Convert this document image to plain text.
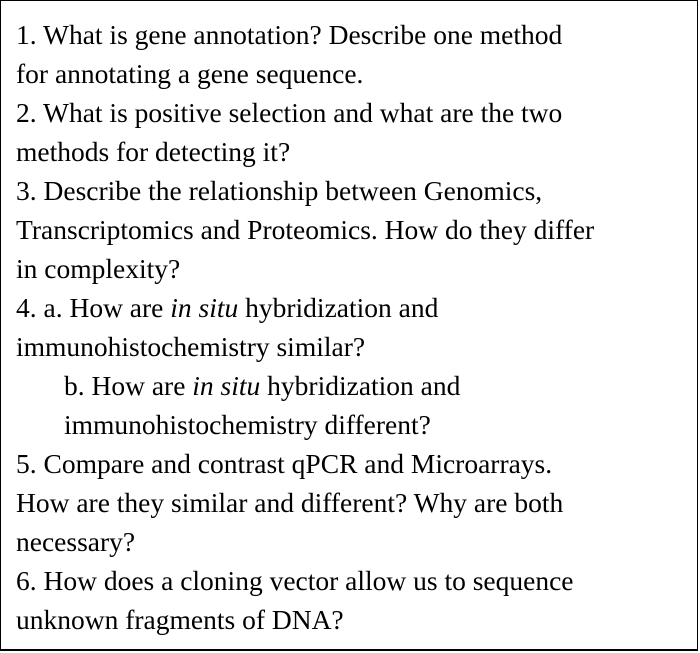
1. What is gene annotation? Describe one method
for annotating a gene sequence.
2. What is positive selection and what are the two
methods for detecting it?
3. Describe the relationship between Genomics,
Transcriptomics and Proteomics. How do they differ
in complexity?
4. a. How are in situ hybridization and
immunohistochemistry similar?
b. How are in situ hybridization and
immunohistochemistry different?
5. Compare and contrast qPCR and Microarrays.
How are they similar and different? Why are both
necessary?
6. How does a cloning vector allow us to sequence
unknown fragments of DNA?
